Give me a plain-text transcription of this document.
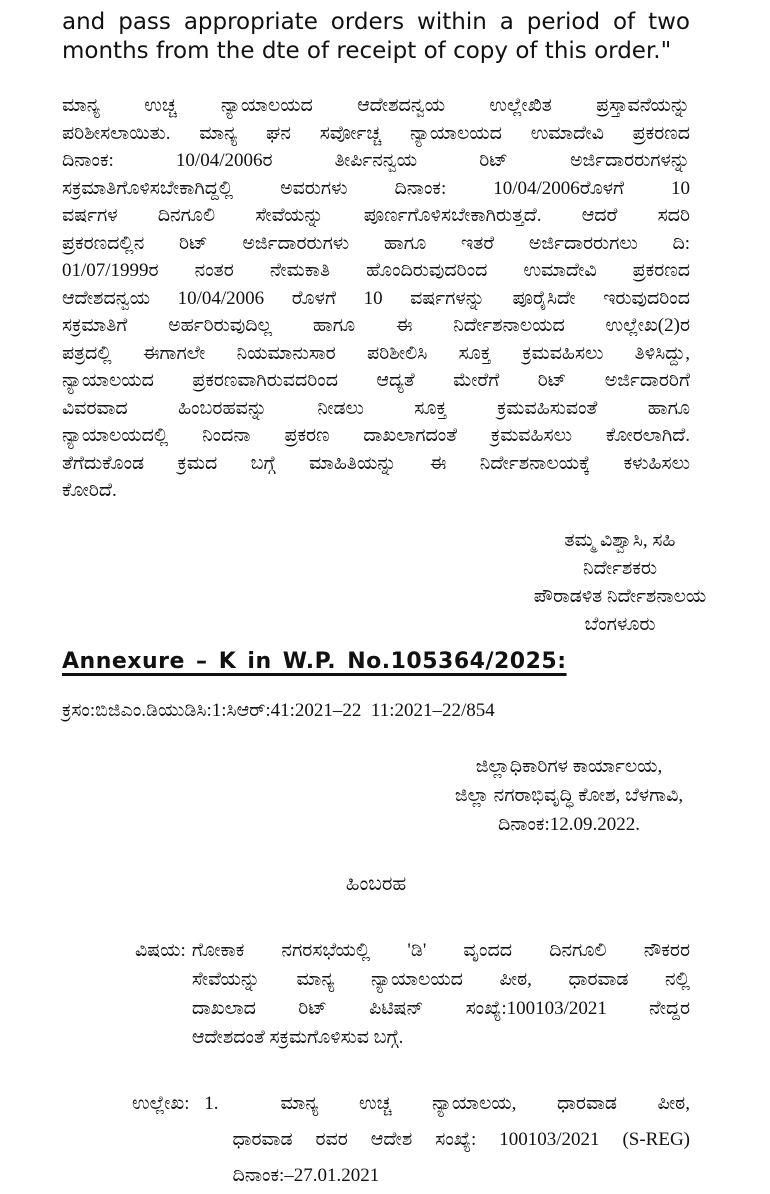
and pass appropriate orders within a period of two
months from the dte of receipt of copy of this order."
ಮಾನ್ಯ ಉಚ್ಚ ನ್ಯಾಯಾಲಯದ ಆದೇಶದನ್ವಯ ಉಲ್ಲೇಖಿತ ಪ್ರಸ್ತಾವನೆಯನ್ನು
ಪರಿಶೀಸಲಾಯಿತು. ಮಾನ್ಯ ಘನ ಸರ್ವೋಚ್ಚ ನ್ಯಾಯಾಲಯದ ಉಮಾದೇವಿ ಪ್ರಕರಣದ
ದಿನಾಂಕ: 10/04/2006ರ ತೀರ್ಪಿನನ್ವಯ ರಿಟ್ ಅರ್ಜಿದಾರರುಗಳನ್ನು
ಸಕ್ರಮಾತಿಗೊಳಿಸಬೇಕಾಗಿದ್ದಲ್ಲಿ ಅವರುಗಳು ದಿನಾಂಕ: 10/04/2006ರೊಳಗೆ 10
ವರ್ಷಗಳ ದಿನಗೂಲಿ ಸೇವೆಯನ್ನು ಪೂರ್ಣಗೊಳಿಸಬೇಕಾಗಿರುತ್ತದೆ. ಆದರೆ ಸದರಿ
ಪ್ರಕರಣದಲ್ಲಿನ ರಿಟ್ ಅರ್ಜಿದಾರರುಗಳು ಹಾಗೂ ಇತರೆ ಅರ್ಜಿದಾರರುಗಲು ದಿ:
01/07/1999ರ ನಂತರ ನೇಮಕಾತಿ ಹೊಂದಿರುವುದರಿಂದ ಉಮಾದೇವಿ ಪ್ರಕರಣದ
ಆದೇಶದನ್ವಯ 10/04/2006 ರೊಳಗೆ 10 ವರ್ಷಗಳನ್ನು ಪೂರೈಸಿದೇ ಇರುವುದರಿಂದ
ಸಕ್ರಮಾತಿಗೆ ಅರ್ಹರಿರುವುದಿಲ್ಲ ಹಾಗೂ ಈ ನಿರ್ದೇಶನಾಲಯದ ಉಲ್ಲೇಖ(2)ರ
ಪತ್ರದಲ್ಲಿ ಈಗಾಗಲೇ ನಿಯಮಾನುಸಾರ ಪರಿಶೀಲಿಸಿ ಸೂಕ್ತ ಕ್ರಮವಹಿಸಲು ತಿಳಿಸಿದ್ದು,
ನ್ಯಾಯಾಲಯದ ಪ್ರಕರಣವಾಗಿರುವದರಿಂದ ಆದ್ಯತೆ ಮೇರೆಗೆ ರಿಟ್ ಅರ್ಜಿದಾರರಿಗೆ
ವಿವರವಾದ ಹಿಂಬರಹವನ್ನು ನೀಡಲು ಸೂಕ್ತ ಕ್ರಮವಹಿಸುವಂತೆ ಹಾಗೂ
ನ್ಯಾಯಾಲಯದಲ್ಲಿ ನಿಂದನಾ ಪ್ರಕರಣ ದಾಖಲಾಗದಂತೆ ಕ್ರಮವಹಿಸಲು ಕೋರಲಾಗಿದೆ.
ತೆಗೆದುಕೊಂಡ ಕ್ರಮದ ಬಗ್ಗೆ ಮಾಹಿತಿಯನ್ನು ಈ ನಿರ್ದೇಶನಾಲಯಕ್ಕೆ ಕಳುಹಿಸಲು
ಕೋರಿದೆ.
ತಮ್ಮ ವಿಶ್ವಾಸಿ, ಸಹಿ
ನಿರ್ದೇಶಕರು
ಪೌರಾಡಳಿತ ನಿರ್ದೇಶನಾಲಯ
ಬೆಂಗಳೂರು
Annexure – K in W.P. No.105364/2025:
ಕ್ರಸಂ:ಬಿಜಿಎಂ.ಡಿಯುಡಿಸಿ:1:ಸಿಆರ್:41:2021–22  11:2021–22/854
ಜಿಲ್ಲಾಧಿಕಾರಿಗಳ ಕಾರ್ಯಾಲಯ,
ಜಿಲ್ಲಾ ನಗರಾಭಿವೃದ್ಧಿ ಕೋಶ, ಬೆಳಗಾವಿ,
ದಿನಾಂಕ:12.09.2022.
ಹಿಂಬರಹ
ವಿಷಯ: ಗೋಕಾಕ ನಗರಸಭೆಯಲ್ಲಿ 'ಡಿ' ವೃಂದದ ದಿನಗೂಲಿ ನೌಕರರ
ಸೇವೆಯನ್ನು ಮಾನ್ಯ ನ್ಯಾಯಾಲಯದ ಪೀಠ, ಧಾರವಾಡ ನಲ್ಲಿ
ದಾಖಲಾದ ರಿಟ್ ಪಿಟಿಷನ್ ಸಂಖ್ಯೆ:100103/2021 ನೇದ್ದರ
ಆದೇಶದಂತೆ ಸಕ್ರಮಗೊಳಿಸುವ ಬಗ್ಗೆ.
ಉಲ್ಲೇಖ: 1.	ಮಾನ್ಯ ಉಚ್ಚ ನ್ಯಾಯಾಲಯ, ಧಾರವಾಡ ಪೀಠ,
ಧಾರವಾಡ ರವರ ಆದೇಶ ಸಂಖ್ಯೆ: 100103/2021 (S-REG)
ದಿನಾಂಕ:–27.01.2021
